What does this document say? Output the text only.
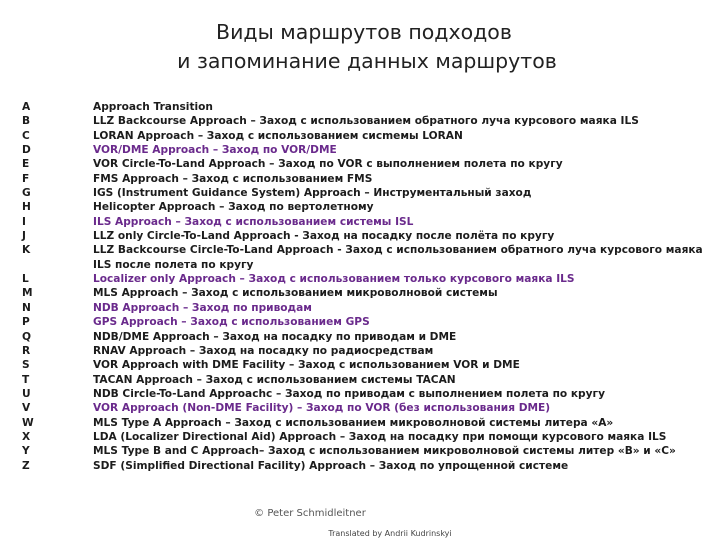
Виды маршрутов подходов
и запоминание данных маршрутов
A	Approach Transition
B	LLZ Backcourse Approach – Заход с использованием обратного луча курсового маяка ILS
C	LORAN Approach – Заход с использованием сисmемы LORAN
D	VOR/DME Approach – Заход по VOR/DME
E	VOR Circle-To-Land Approach – Заход по VOR с выполнением полета по кругу
F	FMS Approach – Заход с использованием FMS
G	IGS (Instrument Guidance System) Approach – Инструментальный заход
H	Helicopter Approach – Заход по вертолетному
I	ILS Approach – Заход с использованием системы ISL
J	LLZ only Circle-To-Land Approach - Заход на посадку после полёта по кругу
K	LLZ Backcourse Circle-To-Land Approach - Заход с использованием обратного луча курсового маяка ILS после полета по кругу
L	Localizer only Approach – Заход с использованием только курсового маяка ILS
M	MLS Approach – Заход с использованием микроволновой системы
N	NDB Approach – Заход по приводам
P	GPS Approach – Заход с использованием GPS
Q	NDB/DME Approach – Заход на посадку по приводам и DME
R	RNAV Approach – Заход на посадку по радиосредствам
S	VOR Approach with DME Facility – Заход с использованием VOR и DME
T	TACAN Approach – Заход с использованием системы TACAN
U	NDB Circle-To-Land Approachc – Заход по приводам с выполнением полета по кругу
V	VOR Approach (Non-DME Facility) – Заход по VOR (без использования DME)
W	MLS Type A Approach – Заход с использованием микроволновой системы литера «А»
X	LDA (Localizer Directional Aid) Approach – Заход на посадку при помощи курсового маяка ILS
Y	MLS Type B and C Approach– Заход с использованием микроволновой системы литер «В» и «С»
Z	SDF (Simplified Directional Facility) Approach – Заход по упрощенной системе
© Peter Schmidleitner
Translated by Andrii Kudrinskyi
